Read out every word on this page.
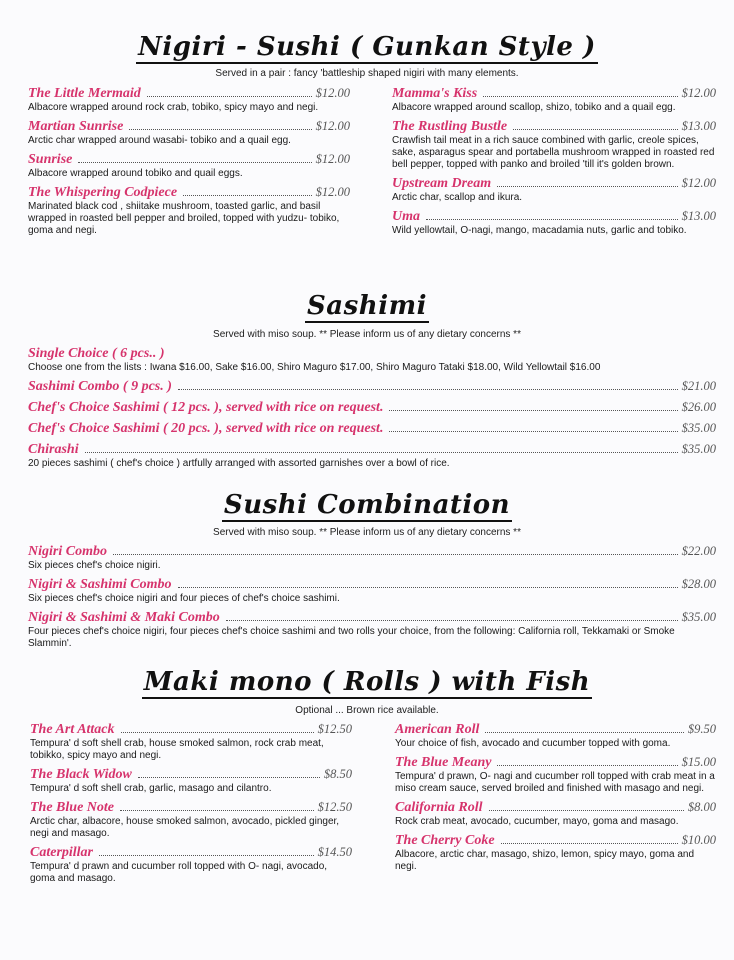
Nigiri - Sushi ( Gunkan Style )
Served in a pair : fancy 'battleship shaped nigiri with many elements.
The Little Mermaid	$12.00
Albacore wrapped around rock crab, tobiko, spicy mayo and negi.
Martian Sunrise	$12.00
Arctic char wrapped around wasabi- tobiko and a quail egg.
Sunrise	$12.00
Albacore wrapped around tobiko and quail eggs.
The Whispering Codpiece	$12.00
Marinated black cod , shiitake mushroom, toasted garlic, and basil wrapped in roasted bell pepper and broiled, topped with yudzu- tobiko, goma and negi.
Mamma's Kiss	$12.00
Albacore wrapped around scallop, shizo, tobiko and a quail egg.
The Rustling Bustle	$13.00
Crawfish tail meat in a rich sauce combined with garlic, creole spices, sake, asparagus spear and portabella mushroom wrapped in roasted red bell pepper, topped with panko and broiled 'till it's golden brown.
Upstream Dream	$12.00
Arctic char, scallop and ikura.
Uma	$13.00
Wild yellowtail, O-nagi, mango, macadamia nuts, garlic and tobiko.
Sashimi
Served with miso soup. ** Please inform us of any dietary concerns **
Single Choice ( 6 pcs.. )
Choose one from the lists : Iwana $16.00, Sake $16.00, Shiro Maguro $17.00, Shiro Maguro Tataki $18.00, Wild Yellowtail $16.00
Sashimi Combo ( 9 pcs. )	$21.00
Chef's Choice Sashimi ( 12 pcs. ), served with rice on request.	$26.00
Chef's Choice Sashimi ( 20 pcs. ), served with rice on request.	$35.00
Chirashi	$35.00
20 pieces sashimi ( chef's choice ) artfully arranged with assorted garnishes over a bowl of rice.
Sushi Combination
Served with miso soup. ** Please inform us of any dietary concerns **
Nigiri Combo	$22.00
Six pieces chef's choice nigiri.
Nigiri & Sashimi Combo	$28.00
Six pieces chef's choice nigiri and four pieces of chef's choice sashimi.
Nigiri & Sashimi & Maki Combo	$35.00
Four pieces chef's choice nigiri, four pieces chef's choice sashimi and two rolls your choice, from the following: California roll, Tekkamaki or Smoke Slammin'.
Maki mono ( Rolls ) with Fish
Optional ... Brown rice available.
The Art Attack	$12.50
Tempura' d soft shell crab, house smoked salmon, rock crab meat, tobikko, spicy mayo and negi.
The Black Widow	$8.50
Tempura' d soft shell crab, garlic, masago and cilantro.
The Blue Note	$12.50
Arctic char, albacore, house smoked salmon, avocado, pickled ginger, negi and masago.
Caterpillar	$14.50
Tempura' d prawn and cucumber roll topped with O- nagi, avocado, goma and masago.
American Roll	$9.50
Your choice of fish, avocado and cucumber topped with goma.
The Blue Meany	$15.00
Tempura' d prawn, O- nagi and cucumber roll topped with crab meat in a miso cream sauce, served broiled and finished with masago and negi.
California Roll	$8.00
Rock crab meat, avocado, cucumber, mayo, goma and masago.
The Cherry Coke	$10.00
Albacore, arctic char, masago, shizo, lemon, spicy mayo, goma and negi.
